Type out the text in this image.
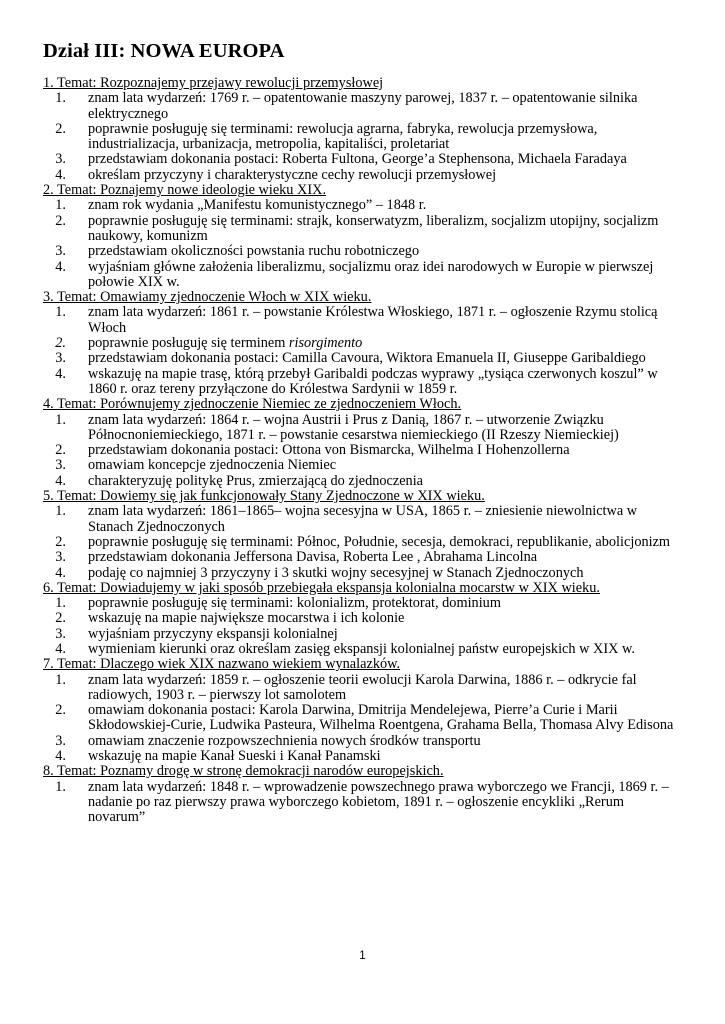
Dział III: NOWA EUROPA
1. Temat: Rozpoznajemy przejawy rewolucji przemysłowej
1.	znam lata wydarzeń: 1769 r. – opatentowanie maszyny parowej, 1837 r. – opatentowanie silnika elektrycznego
2.	poprawnie posługuję się terminami: rewolucja agrarna, fabryka, rewolucja przemysłowa, industrializacja, urbanizacja, metropolia, kapitaliści, proletariat
3.	przedstawiam dokonania postaci: Roberta Fultona, George’a Stephensona, Michaela Faradaya
4.	określam przyczyny i charakterystyczne cechy rewolucji przemysłowej
2. Temat: Poznajemy nowe ideologie wieku XIX.
1.	znam rok wydania „Manifestu komunistycznego” – 1848 r.
2.	poprawnie posługuję się terminami: strajk, konserwatyzm, liberalizm, socjalizm utopijny, socjalizm naukowy, komunizm
3.	przedstawiam okoliczności powstania ruchu robotniczego
4.	wyjaśniam główne założenia liberalizmu, socjalizmu oraz idei narodowych w Europie w pierwszej połowie XIX w.
3. Temat: Omawiamy zjednoczenie Włoch w XIX wieku.
1.	znam lata wydarzeń: 1861 r. – powstanie Królestwa Włoskiego, 1871 r. – ogłoszenie Rzymu stolicą Włoch
2.	poprawnie posługuję się terminem risorgimento
3.	przedstawiam dokonania postaci: Camilla Cavoura, Wiktora Emanuela II, Giuseppe Garibaldiego
4.	wskazuję na mapie trasę, którą przebył Garibaldi podczas wyprawy „tysiąca czerwonych koszul” w 1860 r. oraz tereny przyłączone do Królestwa Sardynii w 1859 r.
4. Temat: Porównujemy zjednoczenie Niemiec ze zjednoczeniem Włoch.
1.	znam lata wydarzeń: 1864 r. – wojna Austrii i Prus z Danią, 1867 r. – utworzenie Związku Północnoniemieckiego, 1871 r. – powstanie cesarstwa niemieckiego (II Rzeszy Niemieckiej)
2.	przedstawiam dokonania postaci: Ottona von Bismarcka, Wilhelma I Hohenzollerna
3.	omawiam koncepcje zjednoczenia Niemiec
4.	charakteryzuję politykę Prus, zmierzającą do zjednoczenia
5. Temat: Dowiemy się jak funkcjonowały Stany Zjednoczone w XIX wieku.
1.	znam lata wydarzeń: 1861–1865– wojna secesyjna w USA, 1865 r. – zniesienie niewolnictwa w Stanach Zjednoczonych
2.	poprawnie posługuję się terminami: Północ, Południe, secesja, demokraci, republikanie, abolicjonizm
3.	przedstawiam dokonania Jeffersona Davisa, Roberta Lee , Abrahama Lincolna
4.	podaję co najmniej 3 przyczyny i 3 skutki wojny secesyjnej w Stanach Zjednoczonych
6. Temat: Dowiadujemy w jaki sposób przebiegała ekspansja kolonialna mocarstw w XIX wieku.
1.	poprawnie posługuję się terminami: kolonializm, protektorat, dominium
2.	wskazuję na mapie największe mocarstwa i ich kolonie
3.	wyjaśniam przyczyny ekspansji kolonialnej
4.	wymieniam kierunki oraz określam zasięg ekspansji kolonialnej państw europejskich w XIX w.
7. Temat: Dlaczego wiek XIX nazwano wiekiem wynalazków.
1.	znam lata wydarzeń: 1859 r. – ogłoszenie teorii ewolucji Karola Darwina, 1886 r. – odkrycie fal radiowych, 1903 r. – pierwszy lot samolotem
2.	omawiam dokonania postaci: Karola Darwina, Dmitrija Mendelejewa, Pierre’a Curie i Marii Skłodowskiej-Curie, Ludwika Pasteura, Wilhelma Roentgena, Grahama Bella, Thomasa Alvy Edisona
3.	omawiam znaczenie rozpowszechnienia nowych środków transportu
4.	wskazuję na mapie Kanał Sueski i Kanał Panamski
8. Temat: Poznamy drogę w stronę demokracji narodów europejskich.
1.	znam lata wydarzeń: 1848 r. – wprowadzenie powszechnego prawa wyborczego we Francji, 1869 r. – nadanie po raz pierwszy prawa wyborczego kobietom, 1891 r. – ogłoszenie encykliki „Rerum novarum”
1
